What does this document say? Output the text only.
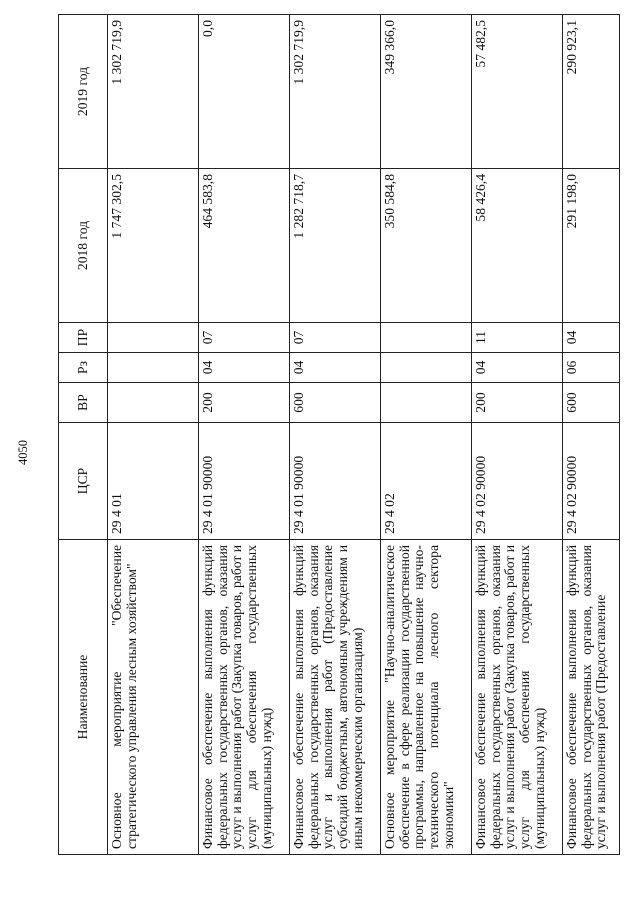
4050
Наименование	ЦСР	ВР	Рз	ПР	2018 год	2019 год
Основное мероприятие "Обеспечение стратегического управления лесным хозяйством"	29 4 01				1 747 302,5	1 302 719,9
Финансовое обеспечение выполнения функций федеральных государственных органов, оказания услуг и выполнения работ (Закупка товаров, работ и услуг для обеспечения государственных (муниципальных) нужд)	29 4 01 90000	200	04	07	464 583,8	0,0
Финансовое обеспечение выполнения функций федеральных государственных органов, оказания услуг и выполнения работ (Предоставление субсидий бюджетным, автономным учреждениям и иным некоммерческим организациям)	29 4 01 90000	600	04	07	1 282 718,7	1 302 719,9
Основное мероприятие "Научно-аналитическое обеспечение в сфере реализации государственной программы, направленное на повышение научно-технического потенциала лесного сектора экономики"	29 4 02				350 584,8	349 366,0
Финансовое обеспечение выполнения функций федеральных государственных органов, оказания услуг и выполнения работ (Закупка товаров, работ и услуг для обеспечения государственных (муниципальных) нужд)	29 4 02 90000	200	04	11	58 426,4	57 482,5
Финансовое обеспечение выполнения функций федеральных государственных органов, оказания услуг и выполнения работ (Предоставление	29 4 02 90000	600	06	04	291 198,0	290 923,1
